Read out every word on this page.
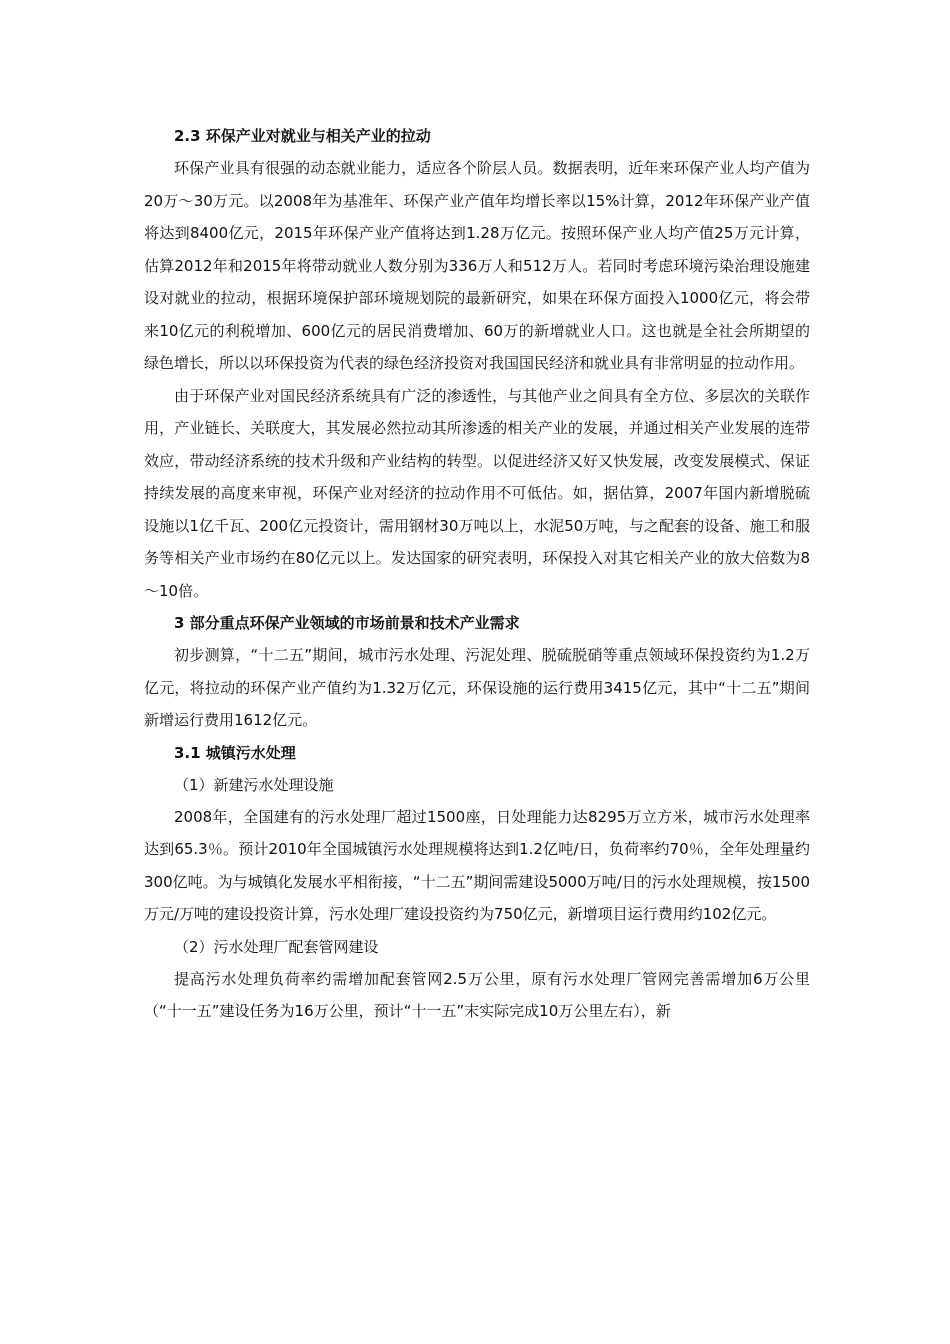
2.3 环保产业对就业与相关产业的拉动

环保产业具有很强的动态就业能力，适应各个阶层人员。数据表明，近年来环保产业人均产值为20万～30万元。以2008年为基准年、环保产业产值年均增长率以15%计算，2012年环保产业产值将达到8400亿元，2015年环保产业产值将达到1.28万亿元。按照环保产业人均产值25万元计算，估算2012年和2015年将带动就业人数分别为336万人和512万人。若同时考虑环境污染治理设施建设对就业的拉动，根据环境保护部环境规划院的最新研究，如果在环保方面投入1000亿元，将会带来10亿元的利税增加、600亿元的居民消费增加、60万的新增就业人口。这也就是全社会所期望的绿色增长，所以以环保投资为代表的绿色经济投资对我国国民经济和就业具有非常明显的拉动作用。

由于环保产业对国民经济系统具有广泛的渗透性，与其他产业之间具有全方位、多层次的关联作用，产业链长、关联度大，其发展必然拉动其所渗透的相关产业的发展，并通过相关产业发展的连带效应，带动经济系统的技术升级和产业结构的转型。以促进经济又好又快发展，改变发展模式、保证持续发展的高度来审视，环保产业对经济的拉动作用不可低估。如，据估算，2007年国内新增脱硫设施以1亿千瓦、200亿元投资计，需用钢材30万吨以上，水泥50万吨，与之配套的设备、施工和服务等相关产业市场约在80亿元以上。发达国家的研究表明，环保投入对其它相关产业的放大倍数为8～10倍。

3 部分重点环保产业领域的市场前景和技术产业需求

初步测算，“十二五”期间，城市污水处理、污泥处理、脱硫脱硝等重点领域环保投资约为1.2万亿元，将拉动的环保产业产值约为1.32万亿元，环保设施的运行费用3415亿元，其中“十二五”期间新增运行费用1612亿元。

3.1 城镇污水处理

（1）新建污水处理设施

2008年，全国建有的污水处理厂超过1500座，日处理能力达8295万立方米，城市污水处理率达到65.3％。预计2010年全国城镇污水处理规模将达到1.2亿吨/日，负荷率约70％，全年处理量约300亿吨。为与城镇化发展水平相衔接，“十二五”期间需建设5000万吨/日的污水处理规模，按1500万元/万吨的建设投资计算，污水处理厂建设投资约为750亿元，新增项目运行费用约102亿元。

（2）污水处理厂配套管网建设

提高污水处理负荷率约需增加配套管网2.5万公里，原有污水处理厂管网完善需增加6万公里（“十一五”建设任务为16万公里，预计“十一五”末实际完成10万公里左右），新
